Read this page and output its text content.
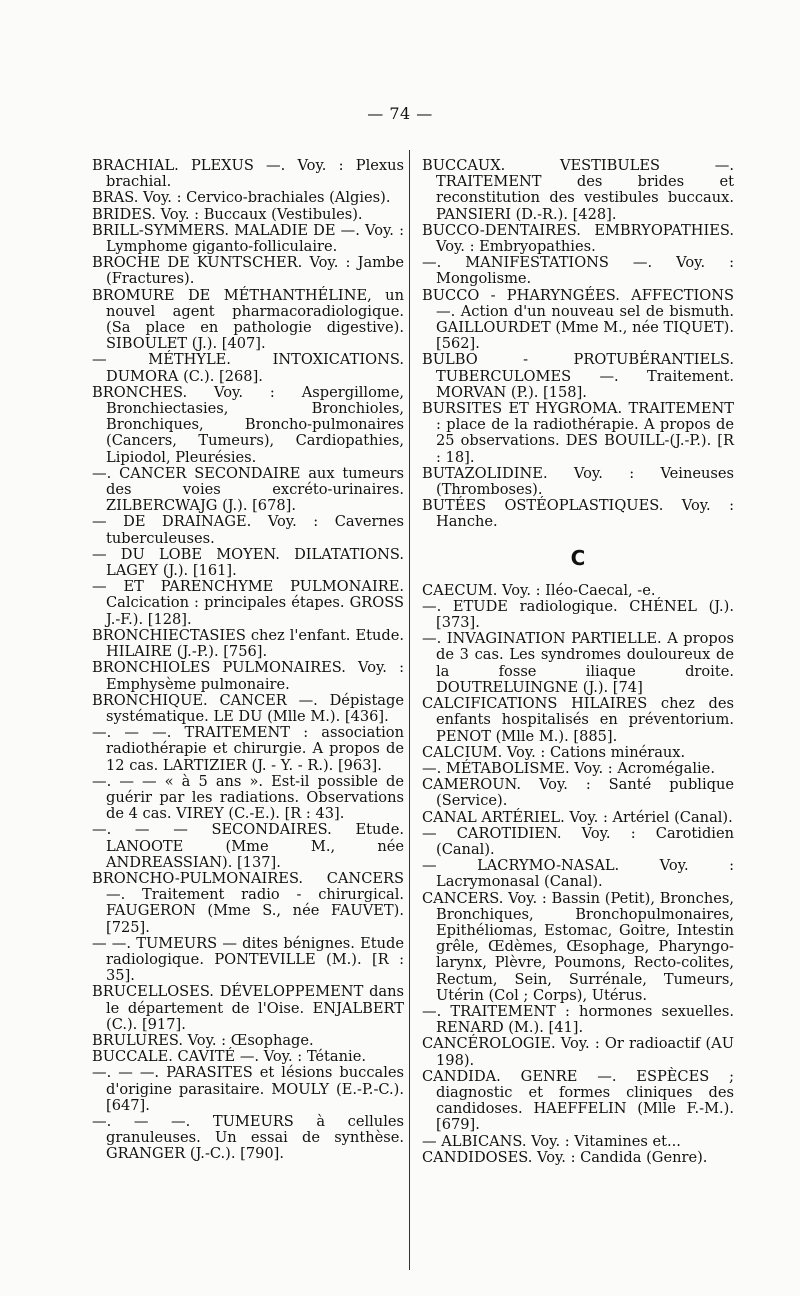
— 74 —

BRACHIAL. PLEXUS —. Voy. : Plexus brachial.

BRAS. Voy. : Cervico-brachiales (Algies).

BRIDES. Voy. : Buccaux (Vestibules).

BRILL-SYMMERS. MALADIE DE —. Voy. : Lymphome giganto-folliculaire.

BROCHE DE KUNTSCHER. Voy. : Jambe (Fractures).

BROMURE DE MÉTHANTHÉLINE, un nouvel agent pharmacoradiologique. (Sa place en pathologie digestive). SIBOULET (J.). [407].

— MÉTHYLE. INTOXICATIONS. DUMORA (C.). [268].

BRONCHES. Voy. : Aspergillome, Bronchiectasies, Bronchioles, Bronchiques, Broncho-pulmonaires (Cancers, Tumeurs), Cardiopathies, Lipiodol, Pleurésies.

—. CANCER SECONDAIRE aux tumeurs des voies excréto-urinaires. ZILBERCWAJG (J.). [678].

— DE DRAINAGE. Voy. : Cavernes tuberculeuses.

— DU LOBE MOYEN. DILATATIONS. LAGEY (J.). [161].

— ET PARENCHYME PULMONAIRE. Calcication : principales étapes. GROSS J.-F.). [128].

BRONCHIECTASIES chez l'enfant. Etude. HILAIRE (J.-P.). [756].

BRONCHIOLES PULMONAIRES. Voy. : Emphysème pulmonaire.

BRONCHIQUE. CANCER —. Dépistage systématique. LE DU (Mlle M.). [436].

—. — —. TRAITEMENT : association radiothérapie et chirurgie. A propos de 12 cas. LARTIZIER (J. - Y. - R.). [963].

—. — — « à 5 ans ». Est-il possible de guérir par les radiations. Observations de 4 cas. VIREY (C.-E.). [R : 43].

—. — — SECONDAIRES. Etude. LANOOTE (Mme M., née ANDREASSIAN). [137].

BRONCHO-PULMONAIRES. CANCERS —. Traitement radio - chirurgical. FAUGERON (Mme S., née FAUVET). [725].

— —. TUMEURS — dites bénignes. Etude radiologique. PONTEVILLE (M.). [R : 35].

BRUCELLOSES. DÉVELOPPEMENT dans le département de l'Oise. ENJALBERT (C.). [917].

BRULURES. Voy. : Œsophage.

BUCCALE. CAVITÉ —. Voy. : Tétanie.

—. — —. PARASITES et lésions buccales d'origine parasitaire. MOULY (E.-P.-C.). [647].

—. — —. TUMEURS à cellules granuleuses. Un essai de synthèse. GRANGER (J.-C.). [790].

BUCCAUX. VESTIBULES —. TRAITEMENT des brides et reconstitution des vestibules buccaux. PANSIERI (D.-R.). [428].

BUCCO-DENTAIRES. EMBRYOPATHIES. Voy. : Embryopathies.

—. MANIFESTATIONS —. Voy. : Mongolisme.

BUCCO - PHARYNGÉES. AFFECTIONS —. Action d'un nouveau sel de bismuth. GAILLOURDET (Mme M., née TIQUET). [562].

BULBO - PROTUBÉRANTIELS. TUBERCULOMES —. Traitement. MORVAN (P.). [158].

BURSITES ET HYGROMA. TRAITEMENT : place de la radiothérapie. A propos de 25 observations. DES BOUILL-(J.-P.). [R : 18].

BUTAZOLIDINE. Voy. : Veineuses (Thromboses).

BUTÉES OSTÉOPLASTIQUES. Voy. : Hanche.

C

CAECUM. Voy. : Iléo-Caecal, -e.

—. ETUDE radiologique. CHÉNEL (J.). [373].

—. INVAGINATION PARTIELLE. A propos de 3 cas. Les syndromes douloureux de la fosse iliaque droite. DOUTRELUINGNE (J.). [74]

CALCIFICATIONS HILAIRES chez des enfants hospitalisés en préventorium. PENOT (Mlle M.). [885].

CALCIUM. Voy. : Cations minéraux.

—. MÉTABOLISME. Voy. : Acromégalie.

CAMEROUN. Voy. : Santé publique (Service).

CANAL ARTÉRIEL. Voy. : Artériel (Canal).

— CAROTIDIEN. Voy. : Carotidien (Canal).

— LACRYMO-NASAL. Voy. : Lacrymonasal (Canal).

CANCERS. Voy. : Bassin (Petit), Bronches, Bronchiques, Bronchopulmonaires, Epithéliomas, Estomac, Goitre, Intestin grêle, Œdèmes, Œsophage, Pharyngo-larynx, Plèvre, Poumons, Recto-colites, Rectum, Sein, Surrénale, Tumeurs, Utérin (Col ; Corps), Utérus.

—. TRAITEMENT : hormones sexuelles. RENARD (M.). [41].

CANCÉROLOGIE. Voy. : Or radioactif (AU 198).

CANDIDA. GENRE —. ESPÈCES ; diagnostic et formes cliniques des candidoses. HAEFFELIN (Mlle F.-M.). [679].

— ALBICANS. Voy. : Vitamines et...

CANDIDOSES. Voy. : Candida (Genre).
